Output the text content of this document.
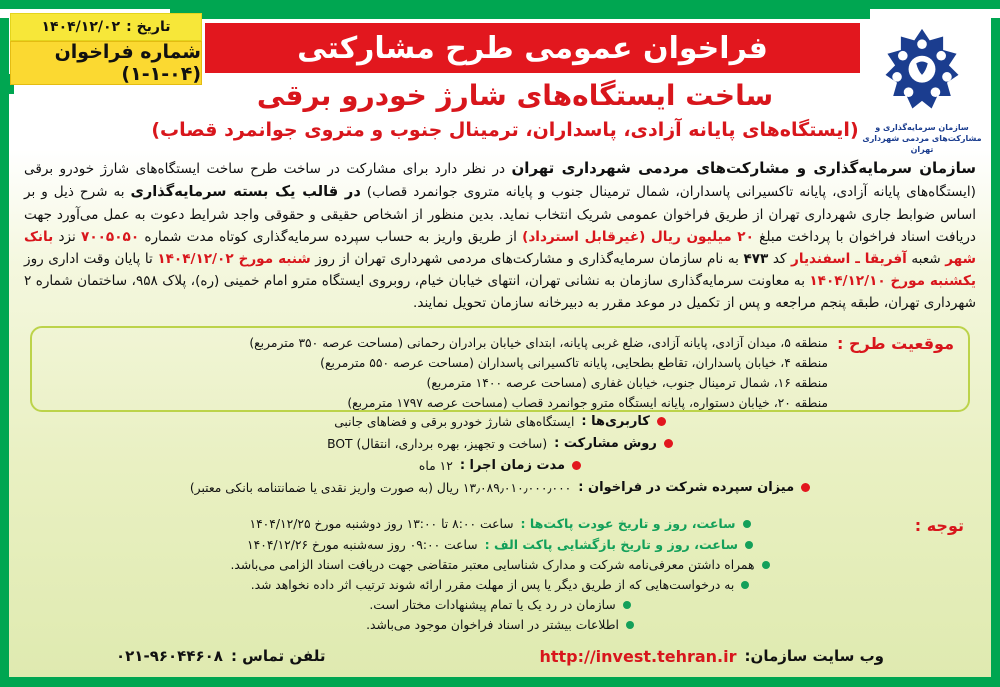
تاریخ :
۱۴۰۴/۱۲/۰۲
شماره فراخوان (۰۴-۱-۱)
فراخوان عمومی طرح مشارکتی
ساخت ایستگاه‌های شارژ خودرو برقی
(ایستگاه‌های پایانه آزادی، پاسداران، ترمینال جنوب و متروی جوانمرد قصاب)	سازمان سرمایه‌گذاری و مشارکت‌های مردمی شهرداری تهران
سازمان سرمایه‌گذاری و مشارکت‌های مردمی شهرداری تهران در نظر دارد برای مشارکت در ساخت طرح ساخت ایستگاه‌های شارژ خودرو برقی (ایستگاه‌های پایانه آزادی، پایانه تاکسیرانی پاسداران، شمال ترمینال جنوب و پایانه متروی جوانمرد قصاب) در قالب یک بسته سرمایه‌گذاری به شرح ذیل و بر اساس ضوابط جاری شهرداری تهران از طریق فراخوان عمومی شریک انتخاب نماید. بدین منظور از اشخاص حقیقی و حقوقی واجد شرایط دعوت به عمل می‌آورد جهت دریافت اسناد فراخوان با پرداخت مبلغ ۲۰ میلیون ریال (غیرقابل استرداد) از طریق واریز به حساب سپرده سرمایه‌گذاری کوتاه مدت شماره ۷۰۰۵۰۵۰ نزد بانک شهر شعبه آفریقا ـ اسفندیار کد ۴۷۳ به نام سازمان سرمایه‌گذاری و مشارکت‌های مردمی شهرداری تهران از روز شنبه مورخ ۱۴۰۴/۱۲/۰۲ تا پایان وقت اداری روز یکشنبه مورخ ۱۴۰۴/۱۲/۱۰ به معاونت سرمایه‌گذاری سازمان به نشانی تهران، انتهای خیابان خیام، روبروی ایستگاه مترو امام خمینی (ره)، پلاک ۹۵۸، ساختمان شماره ۲ شهرداری تهران، طبقه پنجم مراجعه و پس از تکمیل در موعد مقرر به دبیرخانه سازمان تحویل نمایند.
موقعیت طرح :
منطقه ۵، میدان آزادی، پایانه آزادی، ضلع غربی پایانه، ابتدای خیابان برادران رحمانی (مساحت عرصه ۳۵۰ مترمربع)
منطقه ۴، خیابان پاسداران، تقاطع بطحایی، پایانه تاکسیرانی پاسداران (مساحت عرصه ۵۵۰ مترمربع)
منطقه ۱۶، شمال ترمینال جنوب، خیابان غفاری (مساحت عرصه ۱۴۰۰ مترمربع)
منطقه ۲۰، خیابان دستواره، پایانه ایستگاه مترو جوانمرد قصاب (مساحت عرصه ۱۷۹۷ مترمربع)
کاربری‌ها :
ایستگاه‌های شارژ خودرو برقی و فضاهای جانبی
روش مشارکت :
(ساخت و تجهیز، بهره برداری، انتقال) BOT
مدت زمان اجرا :
۱۲ ماه
میزان سپرده شرکت در فراخوان :
۱۳٫۰۸۹٫۰۱۰٫۰۰۰٫۰۰۰ ریال (به صورت واریز نقدی یا ضمانتنامه بانکی معتبر)
توجه :
ساعت، روز و تاریخ عودت پاکت‌ها :
ساعت ۸:۰۰ تا ۱۳:۰۰ روز دوشنبه مورخ ۱۴۰۴/۱۲/۲۵
ساعت، روز و تاریخ بازگشایی پاکت الف :
ساعت ۰۹:۰۰ روز سه‌شنبه مورخ ۱۴۰۴/۱۲/۲۶
همراه داشتن معرفی‌نامه شرکت و مدارک شناسایی معتبر متقاضی جهت دریافت اسناد الزامی می‌باشد.
به درخواست‌هایی که از طریق دیگر یا پس از مهلت مقرر ارائه شوند ترتیب اثر داده نخواهد شد.
سازمان در رد یک یا تمام پیشنهادات مختار است.
اطلاعات بیشتر در اسناد فراخوان موجود می‌باشد.
وب سایت سازمان:
http://invest.tehran.ir
تلفن تماس :
۰۲۱-۹۶۰۴۴۶۰۸
